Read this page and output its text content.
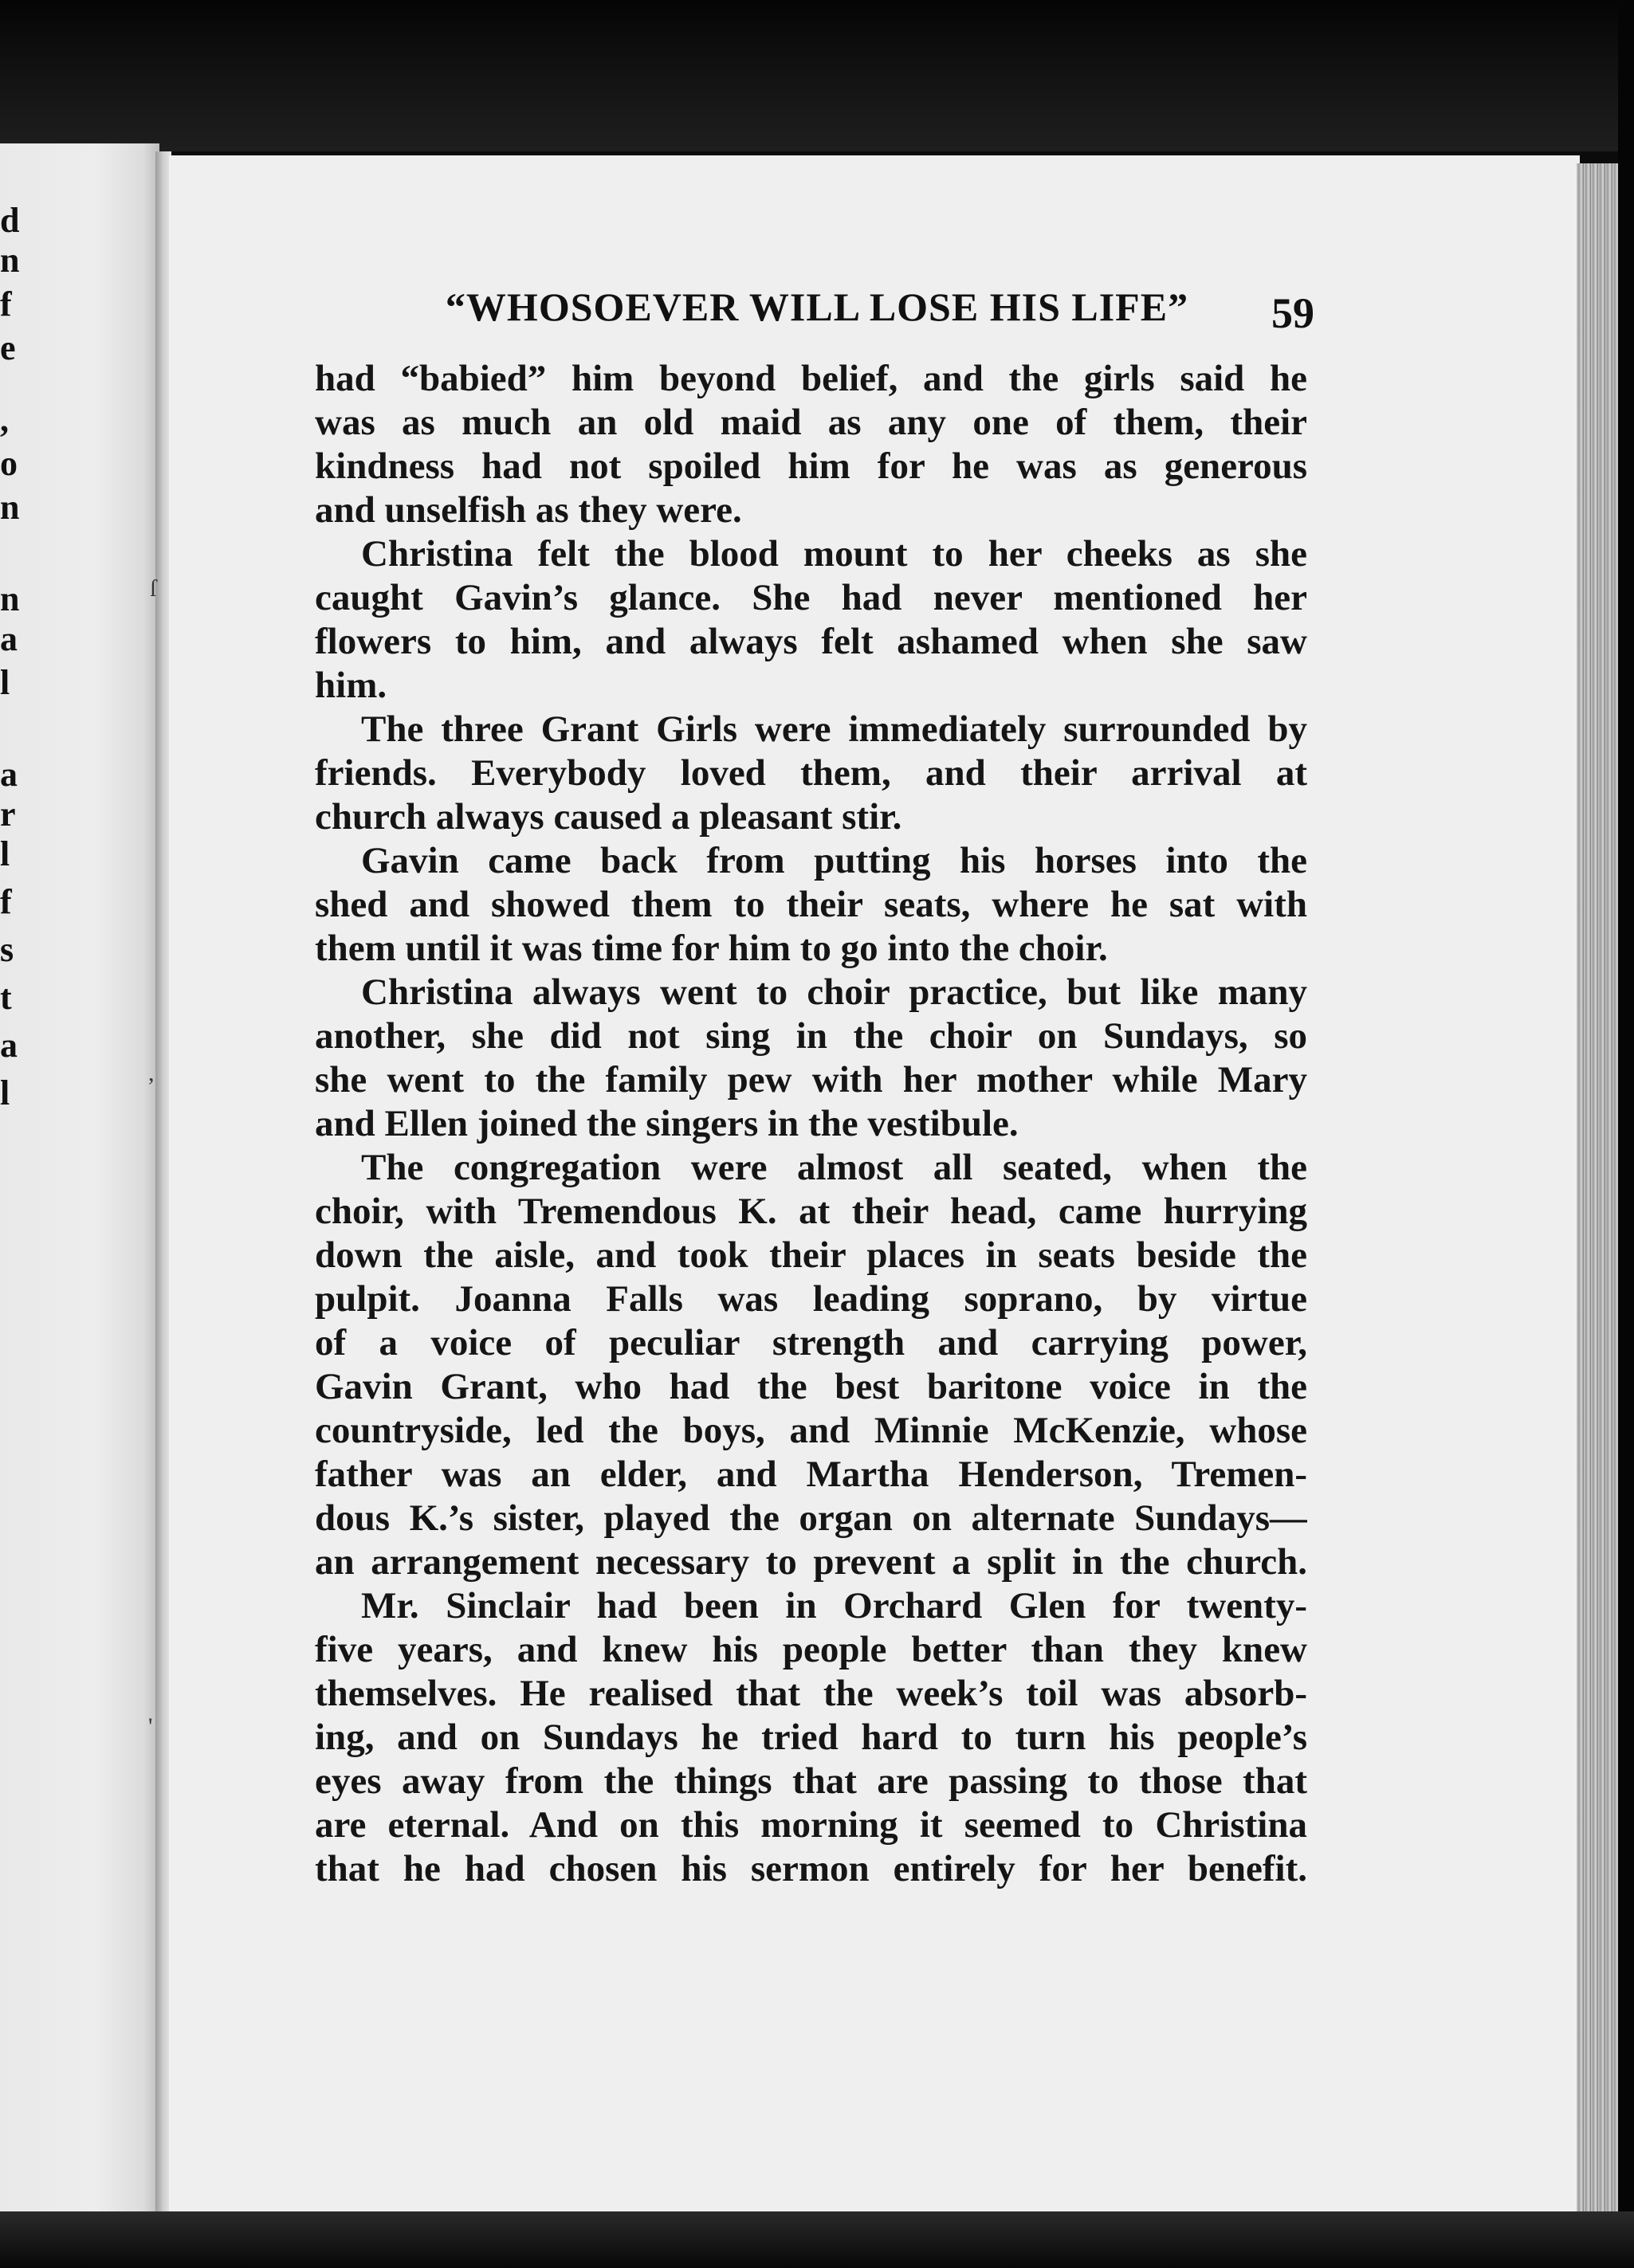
d
n
f
e
,
o
n
n
a
l
a
r
l
f
s
t
a
l
ſ
,
'
“WHOSOEVER WILL LOSE HIS LIFE”	59
had “babied” him beyond belief, and the girls said he
was as much an old maid as any one of them, their
kindness had not spoiled him for he was as generous
and unselfish as they were.
Christina felt the blood mount to her cheeks as she
caught Gavin’s glance. She had never mentioned her
flowers to him, and always felt ashamed when she saw
him.
The three Grant Girls were immediately surrounded by
friends. Everybody loved them, and their arrival at
church always caused a pleasant stir.
Gavin came back from putting his horses into the
shed and showed them to their seats, where he sat with
them until it was time for him to go into the choir.
Christina always went to choir practice, but like many
another, she did not sing in the choir on Sundays, so
she went to the family pew with her mother while Mary
and Ellen joined the singers in the vestibule.
The congregation were almost all seated, when the
choir, with Tremendous K. at their head, came hurrying
down the aisle, and took their places in seats beside the
pulpit. Joanna Falls was leading soprano, by virtue
of a voice of peculiar strength and carrying power,
Gavin Grant, who had the best baritone voice in the
countryside, led the boys, and Minnie McKenzie, whose
father was an elder, and Martha Henderson, Tremen-
dous K.’s sister, played the organ on alternate Sundays—
an arrangement necessary to prevent a split in the church.
Mr. Sinclair had been in Orchard Glen for twenty-
five years, and knew his people better than they knew
themselves. He realised that the week’s toil was absorb-
ing, and on Sundays he tried hard to turn his people’s
eyes away from the things that are passing to those that
are eternal. And on this morning it seemed to Christina
that he had chosen his sermon entirely for her benefit.
